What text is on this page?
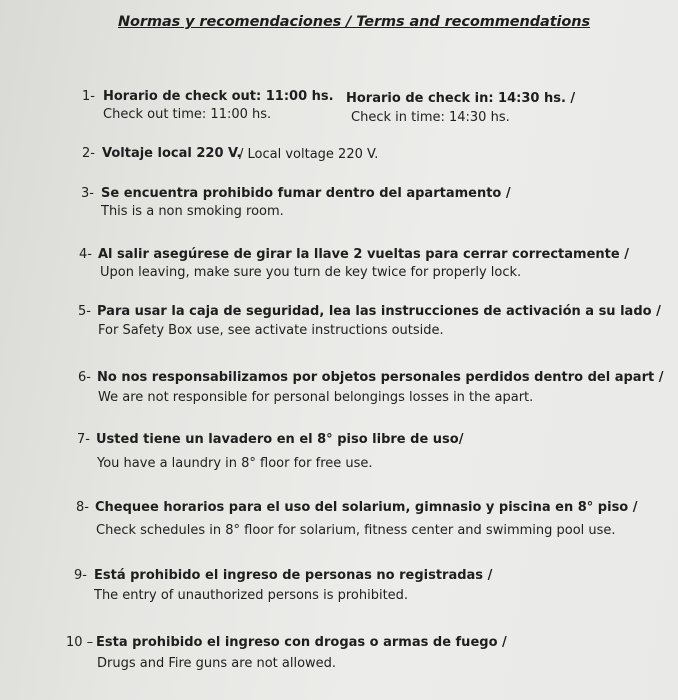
Normas y recomendaciones / Terms and recommendations
1- Horario de check out: 11:00 hs. Horario de check in: 14:30 hs. /
Check out time: 11:00 hs.	Check in time: 14:30 hs.
2- Voltaje local 220 V.
/ Local voltage 220 V.
3- Se encuentra prohibido fumar dentro del apartamento /
This is a non smoking room.
4- Al salir asegúrese de girar la llave 2 vueltas para cerrar correctamente /
Upon leaving, make sure you turn de key twice for properly lock.
5- Para usar la caja de seguridad, lea las instrucciones de activación a su lado /
For Safety Box use, see activate instructions outside.
6- No nos responsabilizamos por objetos personales perdidos dentro del apart /
We are not responsible for personal belongings losses in the apart.
7- Usted tiene un lavadero en el 8° piso libre de uso/
You have a laundry in 8° floor for free use.
8- Chequee horarios para el uso del solarium, gimnasio y piscina en 8° piso /
Check schedules in 8° floor for solarium, fitness center and swimming pool use.
9- Está prohibido el ingreso de personas no registradas /
The entry of unauthorized persons is prohibited.
10 – Esta prohibido el ingreso con drogas o armas de fuego /
Drugs and Fire guns are not allowed.
